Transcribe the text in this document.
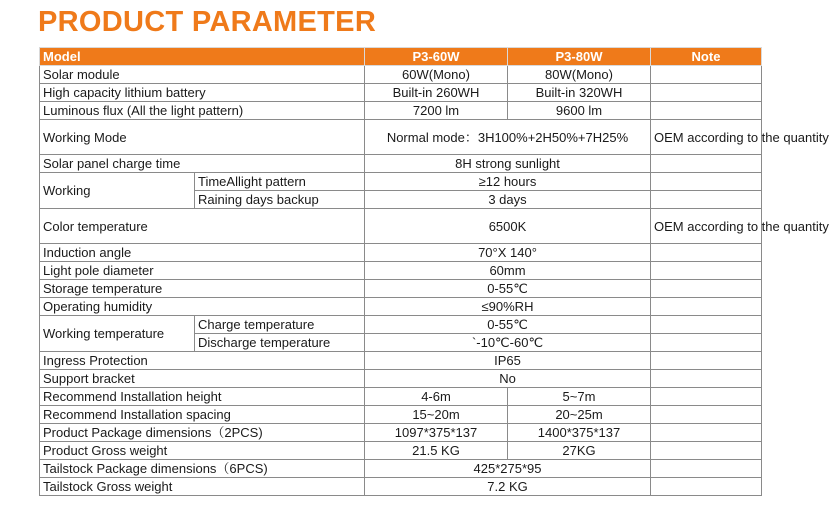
PRODUCT PARAMETER
Model		P3-60W	P3-80W	Note
Solar module		60W(Mono)	80W(Mono)	
High capacity lithium battery		Built-in 260WH	Built-in 320WH	
Luminous flux (All the light pattern)		7200 lm	9600 lm	
Working Mode		Normal mode：3H100%+2H50%+7H25%		OEM according to the quantity
Solar panel charge time		8H strong sunlight		
Working	TimeAllight pattern	≥12 hours		
	Raining days backup	3 days		
Color temperature		6500K		OEM according to the quantity
Induction angle		70°X 140°		
Light pole diameter		60mm		
Storage temperature		0-55℃		
Operating humidity		≤90%RH		
Working temperature	Charge temperature	0-55℃		
	Discharge temperature	`-10℃-60℃		
Ingress Protection		IP65		
Support bracket		No		
Recommend Installation height		4-6m	5~7m	
Recommend Installation spacing		15~20m	20~25m	
Product Package dimensions（2PCS)		1097*375*137	1400*375*137	
Product Gross weight		21.5 KG	27KG	
Tailstock Package dimensions（6PCS)		425*275*95		
Tailstock Gross weight		7.2 KG		
